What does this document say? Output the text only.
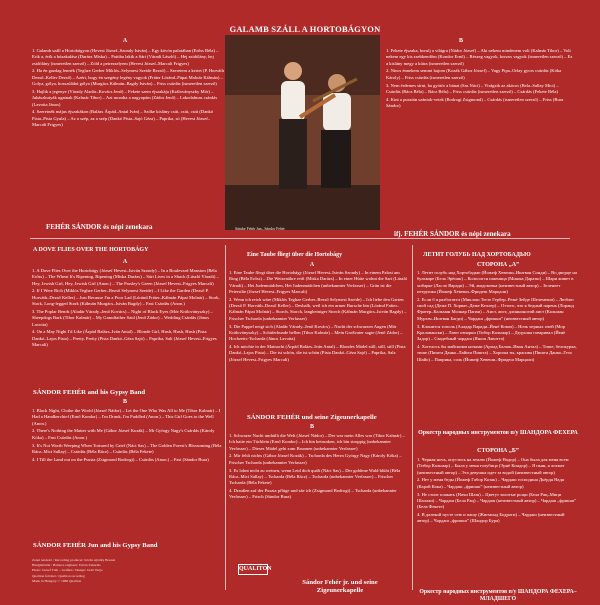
GALAMB SZÁLL A HORTOBÁGYON
A

1. Galamb száll a Hortobágyon (Hevesi József–Szondy István) – Egy kövön palotában (Erőss Béla) – Erik a, érik a búzakalász (Darázs Miska) – Pattiba lakik a Sári (Váradi László) – Hej zsidólány, hej zsidólány (ismeretlen szerző) – Zöld a petrezselyem (Hevesi József–Marcali Frigyes)

2. Ha én gazdag lennék (Teghze Gerber Miklós–Selymesi Szeide Rezső) – Szeretem a kertet (P. Horváth Dezső–Keller Dezső) – Azért, hogy én szegény legény vagyok (Fráter Lóránd–Pápai Molnár Kálmán) – Golya, gólya, hosszúlábú gólya (Murgács Kálmán–Bagdy István) – Friss csárdás (ismeretlen szerző)

3. Hajlik a jegenye (Várady Aladár–Kovács Jenő) – Fekete szem éjszakája (Královányszky Mór) – Juhászkutyák ugatnak (Kalmár Tibor) – Azt mondta a nagyapám (Zádor Jenő) – Lakodalmas csárdás (Lavotta János)

4. Szeretnék május éjszakákon (Balázs Árpád–Antal Iván) – Szőke kislány csitt, csitt, csitt (Dankó Pista–Pista Gyula) – Az a szép, az a szép (Dankó Pista–Sajó Géza) – Paprika, só (Hevesi József–Marcali Frigyes)

FEHÉR SÁNDOR és népi zenekara	Sándor Fehér Jun., Sándor Fehér
B

1. Fekete éjszaka, borulj a világra (Nádor József) – Aki nekem mindenem volt (Kalmár Tibor) – Volt nekem egy kis zsebkendőm (Kondor Ernő) – Részeg vagyok, borzos vagyok (ismeretlen szerző) – Ez a kislány megy a kútra (ismeretlen szerző)

2. Nincs énnekem semmi bajom (Kozák Gábor József) – Vagy Pipa–Orlay gyors csárdás (Kóka Károly) – Friss csárdás (ismeretlen szerző)

3. Nem érdemes sírni, ha gyötör a bánat (Sas Náci) – Virágzik az akácos (Bela–Sallay Mici) – Csárdás (Rácz Béla) – Rácz Béla) – Friss csárdás (ismeretlen szerző) – Csárdás (Fekete Béla)

4. Kint a pusztán szántok-vetek (Bodrogi Zsigmond) – Csárdás (ismeretlen szerző) – Friss (Bura Sándor)

ifj. FEHÉR SÁNDOR és népi zenekara
A DOVE FLIES OVER THE HORTOBÁGY
A

1. A Dove Flies Over the Hortobágy (József Hevesi–István Szondy) – In a Boulevard Mansion (Béla Erőss) – The Wheat It's Ripening, Ripening (Miska Darázs) – Sári Lives in a Shack (László Váradi) – Hey, Jewish Girl, Hey, Jewish Girl (Anon.) – The Parsley's Green (József Hevesi–Frigyes Marcali)

2. If I Were Rich (Miklós Teghze Gerber–Rezső Selymesi Szeide) – I Like the Garden (Dezső P. Horváth–Dezső Keller) – Just Because I'm a Poor Lad (Lóránd Fráter–Kálmán Pápai Molnár) – Stork, Stork, Long-legged Stork (Kálmán Murgács–István Bagdy) – Fast Csárdás (Anon.)

3. The Poplar Bends (Aladár Várady–Jenő Kovács) – Night of Black Eyes (Mór Královányszky) – Sheepdogs Bark (Tibor Kalmár) – My Grandfather Said (Jenő Zádor) – Wedding Csárdás (János Lavotta)

4. On a May Night I'd Like (Árpád Balázs–Iván Antal) – Blonde Girl, Hush, Hush, Hush (Pista Dankó–Lajos Pista) – Pretty, Pretty (Pista Dankó–Géza Sajó) – Paprika, Salt (József Hevesi–Frigyes Marcali)

SÁNDOR FEHÉR and his Gypsy Band
B

1. Black Night, Clothe the World (József Nádor) – Let the One Who Was All to Me (Tibor Kalmár) – I Had a Handkerchief (Ernő Kondor) – I'm Drunk, I'm Fuddled (Anon.) – This Girl Goes to the Well (Anon.)

2. There's Nothing the Matter with Me (Gábor József Kozák) – Mr György Nagy's Csárdás (Károly Kóka) – Fast Csárdás (Anon.)

3. It's Not Worth Weeping When Tortured by Grief (Náci Sas) – The Golden Forest's Blossoming (Béla Rácz–Mici Sallay) – Csárdás (Béla Rácz) – Csárdás (Béla Fekete)

4. I Till the Land out on the Pussta (Zsigmond Bodrogi) – Csárdás (Anon.) – Fast (Sándor Bura)

SÁNDOR FEHÉR Jun and his Gypsy Band
Eine Taube fliegt über die Hortobágy
A

1. Eine Taube fliegt über die Hortobágy (József Hevesi–István Szondy) – In einem Palast am Ring (Béla Erőss) – Die Weizenähre reift (Miska Darázs) – In einer Hütte wohnt die Sari (László Váradi) – Hei Judenmädchen, Hei Judenmädchen (unbekannter Verfasser) – Grün ist die Petersilie (József Hevesi–Frigyes Marcali)

2. Wenn ich reich wäre (Miklós Teghze Gerber–Rezső Selymesi Szeide) – Ich liebe den Garten (Dezső P. Horváth–Dezső Keller) – Deshalb, weil ich ein armer Bursche bin (Lóránd Fráter–Kálmán Pápai Molnár) – Storch, Storch, langbeiniger Storch (Kálmán Murgács–István Bagdy) – Frischer Tscharda (unbekannter Verfasser)

3. Die Pappel neigt sich (Aladár Várady–Jenő Kovács) – Nacht der schwarzen Augen (Mór Královányszky) – Schäferhunde bellen (Tibor Kalmár) – Mein Großvater sagte (Jenő Zádor) – Hochzeits-Tscharda (János Lavotta)

4. Ich möchte in der Mainacht (Árpád Balázs–Iván Antal) – Blondes Mädel still, still, still (Pista Dankó–Lajos Pista) – Die ist schön, die ist schön (Pista Dankó–Géza Sajó) – Paprika, Salz (József Hevesi–Frigyes Marcali)

SÁNDOR FEHÉR und seine Zigeunerkapelle
B

1. Schwarze Nacht umhüllt die Welt (József Nádor) – Der war mein Alles war (Tibor Kalmár) – Ich hatte ein Tüchlein (Ernő Kondor) – Ich bin betrunken, ich bin struppig (unbekannter Verfasser) – Dieses Mädel geht zum Brunnen (unbekannter Verfasser)

2. Mir fehlt nichts (Gábor József Kozák) – Tscharda des Herrn György Nagy (Károly Kóka) – Frischer Tscharda (unbekannter Verfasser)

3. Es lohnt nicht zu weinen, wenn Leid dich quält (Náci Sas) – Der goldene Wald blüht (Béla Rácz–Mici Sallay) – Tscharda (Béla Rácz) – Tscharda (unbekannter Verfasser) – Frischer Tscharda (Béla Fekete)

4. Draußen auf der Puszta pflüge und säe ich (Zsigmond Bodrogi) – Tscharda (unbekannter Verfasser) – Frisch (Sándor Bura)

Sándor Fehér jr. und seine Zigeunerkapelle
ЛЕТИТ ГОЛУБЬ НАД ХОРТОБАДЬЮ
СТОРОНА „А”

1. Летит голубь над Хортобадью (Йожеф Хевеши–Иштван Сонди) – Во дворце на бульваре (Бела Эрёшш) – Колосится пшеница (Мишка Даразш) – Шари живет в хибарке (Ласло Варади) – Эй, жидовочка (неизвестный автор) – Зеленеет петрушка (Йожеф Хевеши–Фридеш Марцали)

2. Если б я разбогател (Миклош Тегзе Гербер–Режё Зейде Шелемеши) – Люблю свой сад (Деже П. Хорват–Деже Келлер) – Оттого, что я бедный парень (Лоранд Фратер–Кальман Молнар Папаи) – Аист, аист, длинноногий аист (Кальман Мургач–Иштван Багди) – Чардаш „фришш” (неизвестный автор)

3. Клонится тополь (Аладар Варади–Йенё Ковач) – Ночь черных очей (Мор Краловански) – Лают овчарки (Тибор Кальмар) – Дедушка говаривал (Йенё Задор) – Свадебный чардаш (Янош Лавотта)

4. Хотелось бы майскими ночами (Арпад Балаж–Иван Антал) – Тише, белокурка, тише (Пишта Данко–Лайош Пишта) – Хороша ты, красива (Пишта Данко–Геза Шайо) – Паприка, соль (Йожеф Хевеши–Фридеш Марцали)

Оркестр народных инструментов п/у ШАНДОРА ФЕХЕРА
СТОРОНА „Б”

1. Черная ночь, опустись на землю (Йожеф Надор) – Она была для меня всем (Тибор Кальмар) – Была у меня голубица (Эрнё Кондор) – Я пьян, я лохмат (неизвестный автор) – Эта девушка идет за водой (неизвестный автор)

2. Нет у меня беды (Йожеф Габор Козак) – Чардаш господина Дьёрдя Надя (Карой Кока) – Чардаш „фришш” (неизвестный автор)

3. Не стоит плакать (Нaчи Шаш) – Цветут золотые рощи (Бела Рац–Мици Шаллаи) – Чардаш (Бела Рац) – Чардаш (неизвестный автор) – Чардаш „фришш” (Бела Фекете)

4. В далекой пусте сею и пашу (Жигмонд Бодроги) – Чардаш (неизвестный автор) – Чардаш „фришш” (Шандор Бура)

Оркестр народных инструментов п/у ШАНДОРА ФЕХЕРА–МЛАДШЕГО
Zenei rendező / Recording producer: István Ajtólky Bonnai
Hangmérnök / Balance engineer: István Zakariás
Photo: József Tóth – Grafika / Design: Judit Verga
Qualiton felvétel / Qualiton recording
Made in Hungary © 1986 Qualiton
QUALITON
